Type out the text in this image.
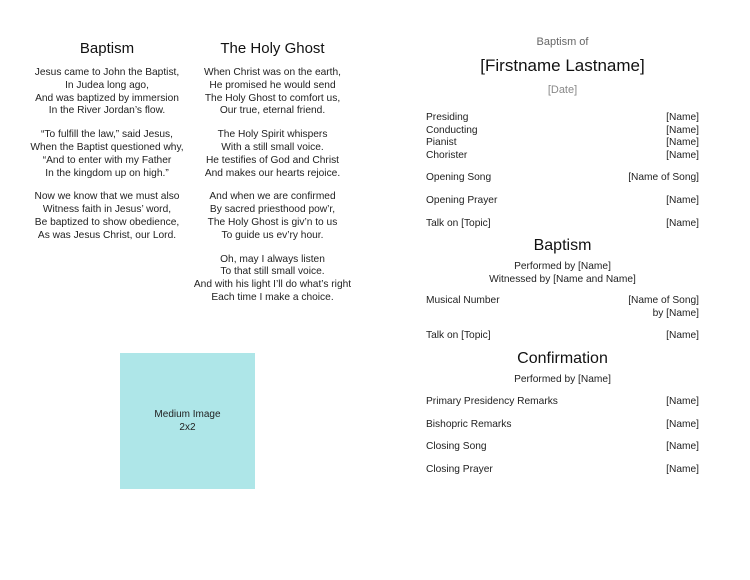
Baptism
Jesus came to John the Baptist,
In Judea long ago,
And was baptized by immersion
In the River Jordan’s flow.
“To fulfill the law,” said Jesus,
When the Baptist questioned why,
“And to enter with my Father
In the kingdom up on high.”
Now we know that we must also
Witness faith in Jesus’ word,
Be baptized to show obedience,
As was Jesus Christ, our Lord.
The Holy Ghost
When Christ was on the earth,
He promised he would send
The Holy Ghost to comfort us,
Our true, eternal friend.
The Holy Spirit whispers
With a still small voice.
He testifies of God and Christ
And makes our hearts rejoice.
And when we are confirmed
By sacred priesthood pow’r,
The Holy Ghost is giv’n to us
To guide us ev’ry hour.
Oh, may I always listen
To that still small voice.
And with his light I’ll do what’s right
Each time I make a choice.
Medium Image
2x2

Baptism of

[Firstname Lastname]

[Date]

Presiding	[Name]
Conducting	[Name]
Pianist	[Name]
Chorister	[Name]
Opening Song	[Name of Song]
Opening Prayer	[Name]
Talk on [Topic]	[Name]
Baptism
Performed by [Name]
Witnessed by [Name and Name]
Musical Number	[Name of Song]
by [Name]
Talk on [Topic]	[Name]
Confirmation
Performed by [Name]
Primary Presidency Remarks	[Name]
Bishopric Remarks	[Name]
Closing Song	[Name]
Closing Prayer	[Name]
